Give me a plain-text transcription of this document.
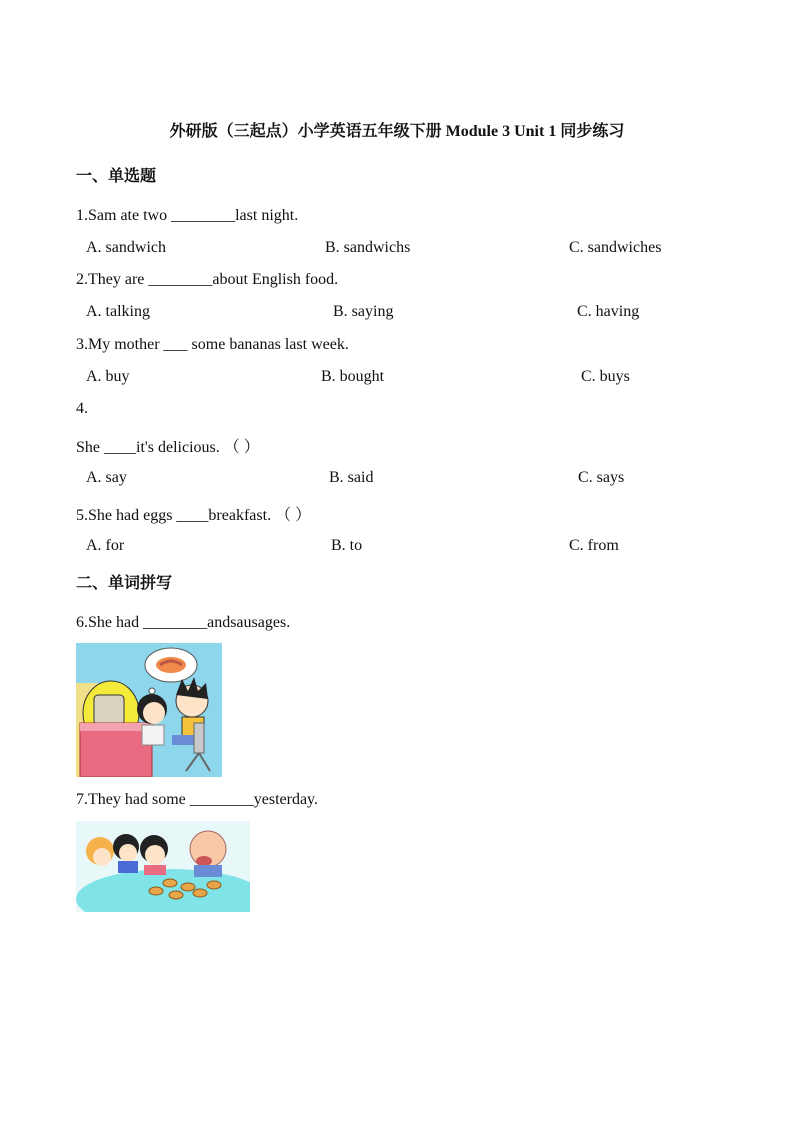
外研版（三起点）小学英语五年级下册 Module 3 Unit 1 同步练习
一、单选题
1.Sam ate two ________last night.
A. sandwich	B. sandwichs	C. sandwiches
2.They are ________about English food.
A. talking	B. saying	C. having
3.My mother ___ some bananas last week.
A. buy	B. bought	C. buys
4.
She ____it's delicious. （ ）
A. say	B. said	C. says
5.She had eggs ____breakfast. （ ）
A. for	B. to	C. from
二、单词拼写
6.She had ________andsausages.
7.They had some ________yesterday.
